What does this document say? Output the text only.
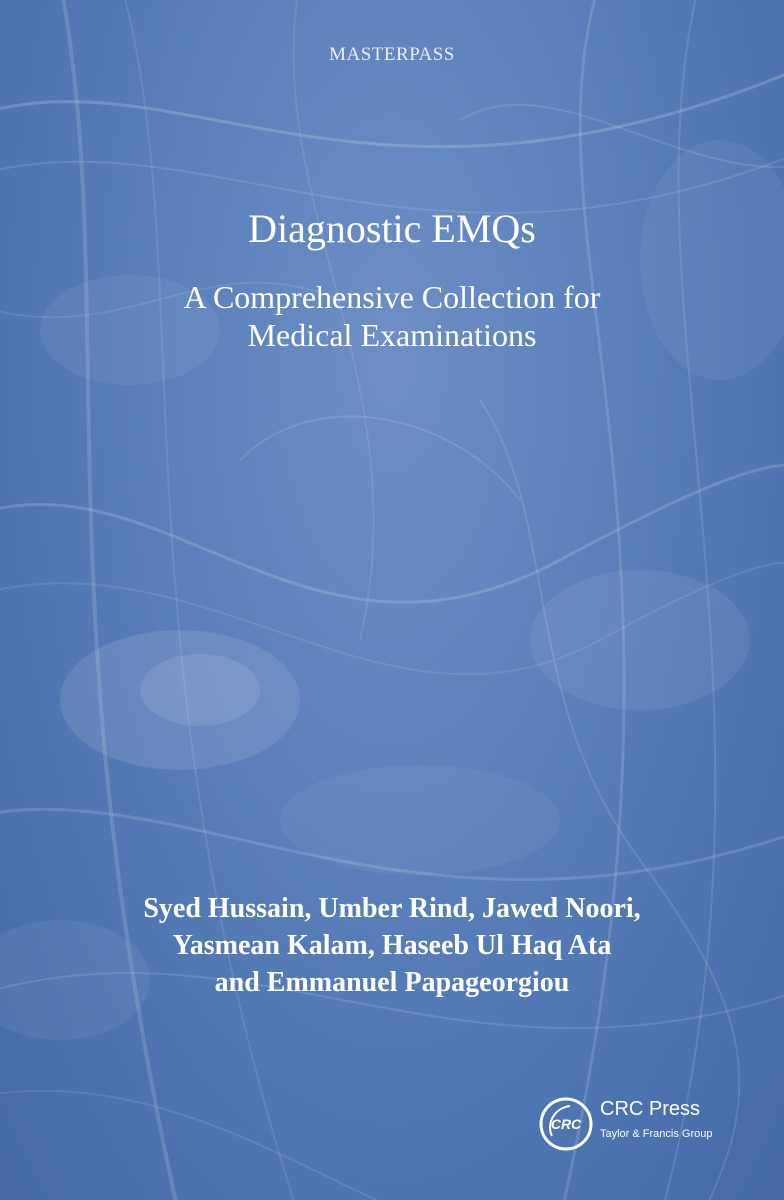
MASTERPASS
Diagnostic EMQs
A Comprehensive Collection for
Medical Examinations
Syed Hussain, Umber Rind, Jawed Noori,
Yasmean Kalam, Haseeb Ul Haq Ata
and Emmanuel Papageorgiou
CRC
CRC Press
Taylor & Francis Group
